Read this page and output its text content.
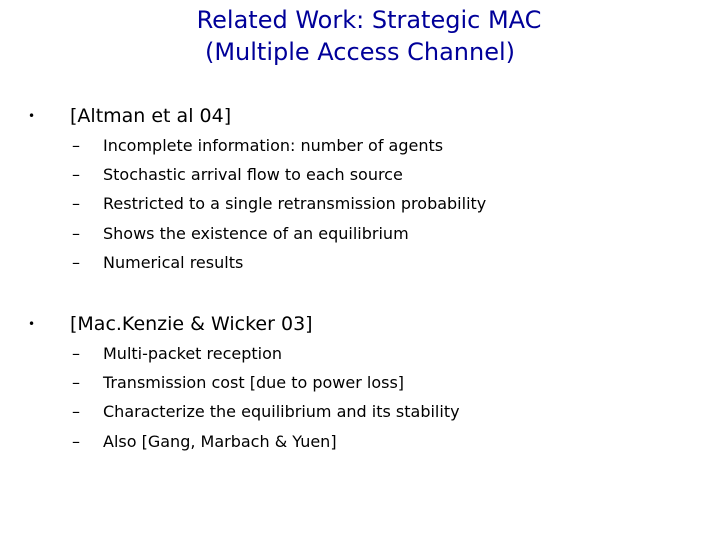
Related Work: Strategic MAC
(Multiple Access Channel)
• [Altman et al 04]
– Incomplete information: number of agents
– Stochastic arrival flow to each source
– Restricted to a single retransmission probability
– Shows the existence of an equilibrium
– Numerical results
• [Mac.Kenzie & Wicker 03]
– Multi-packet reception
– Transmission cost [due to power loss]
– Characterize the equilibrium and its stability
– Also [Gang, Marbach & Yuen]
